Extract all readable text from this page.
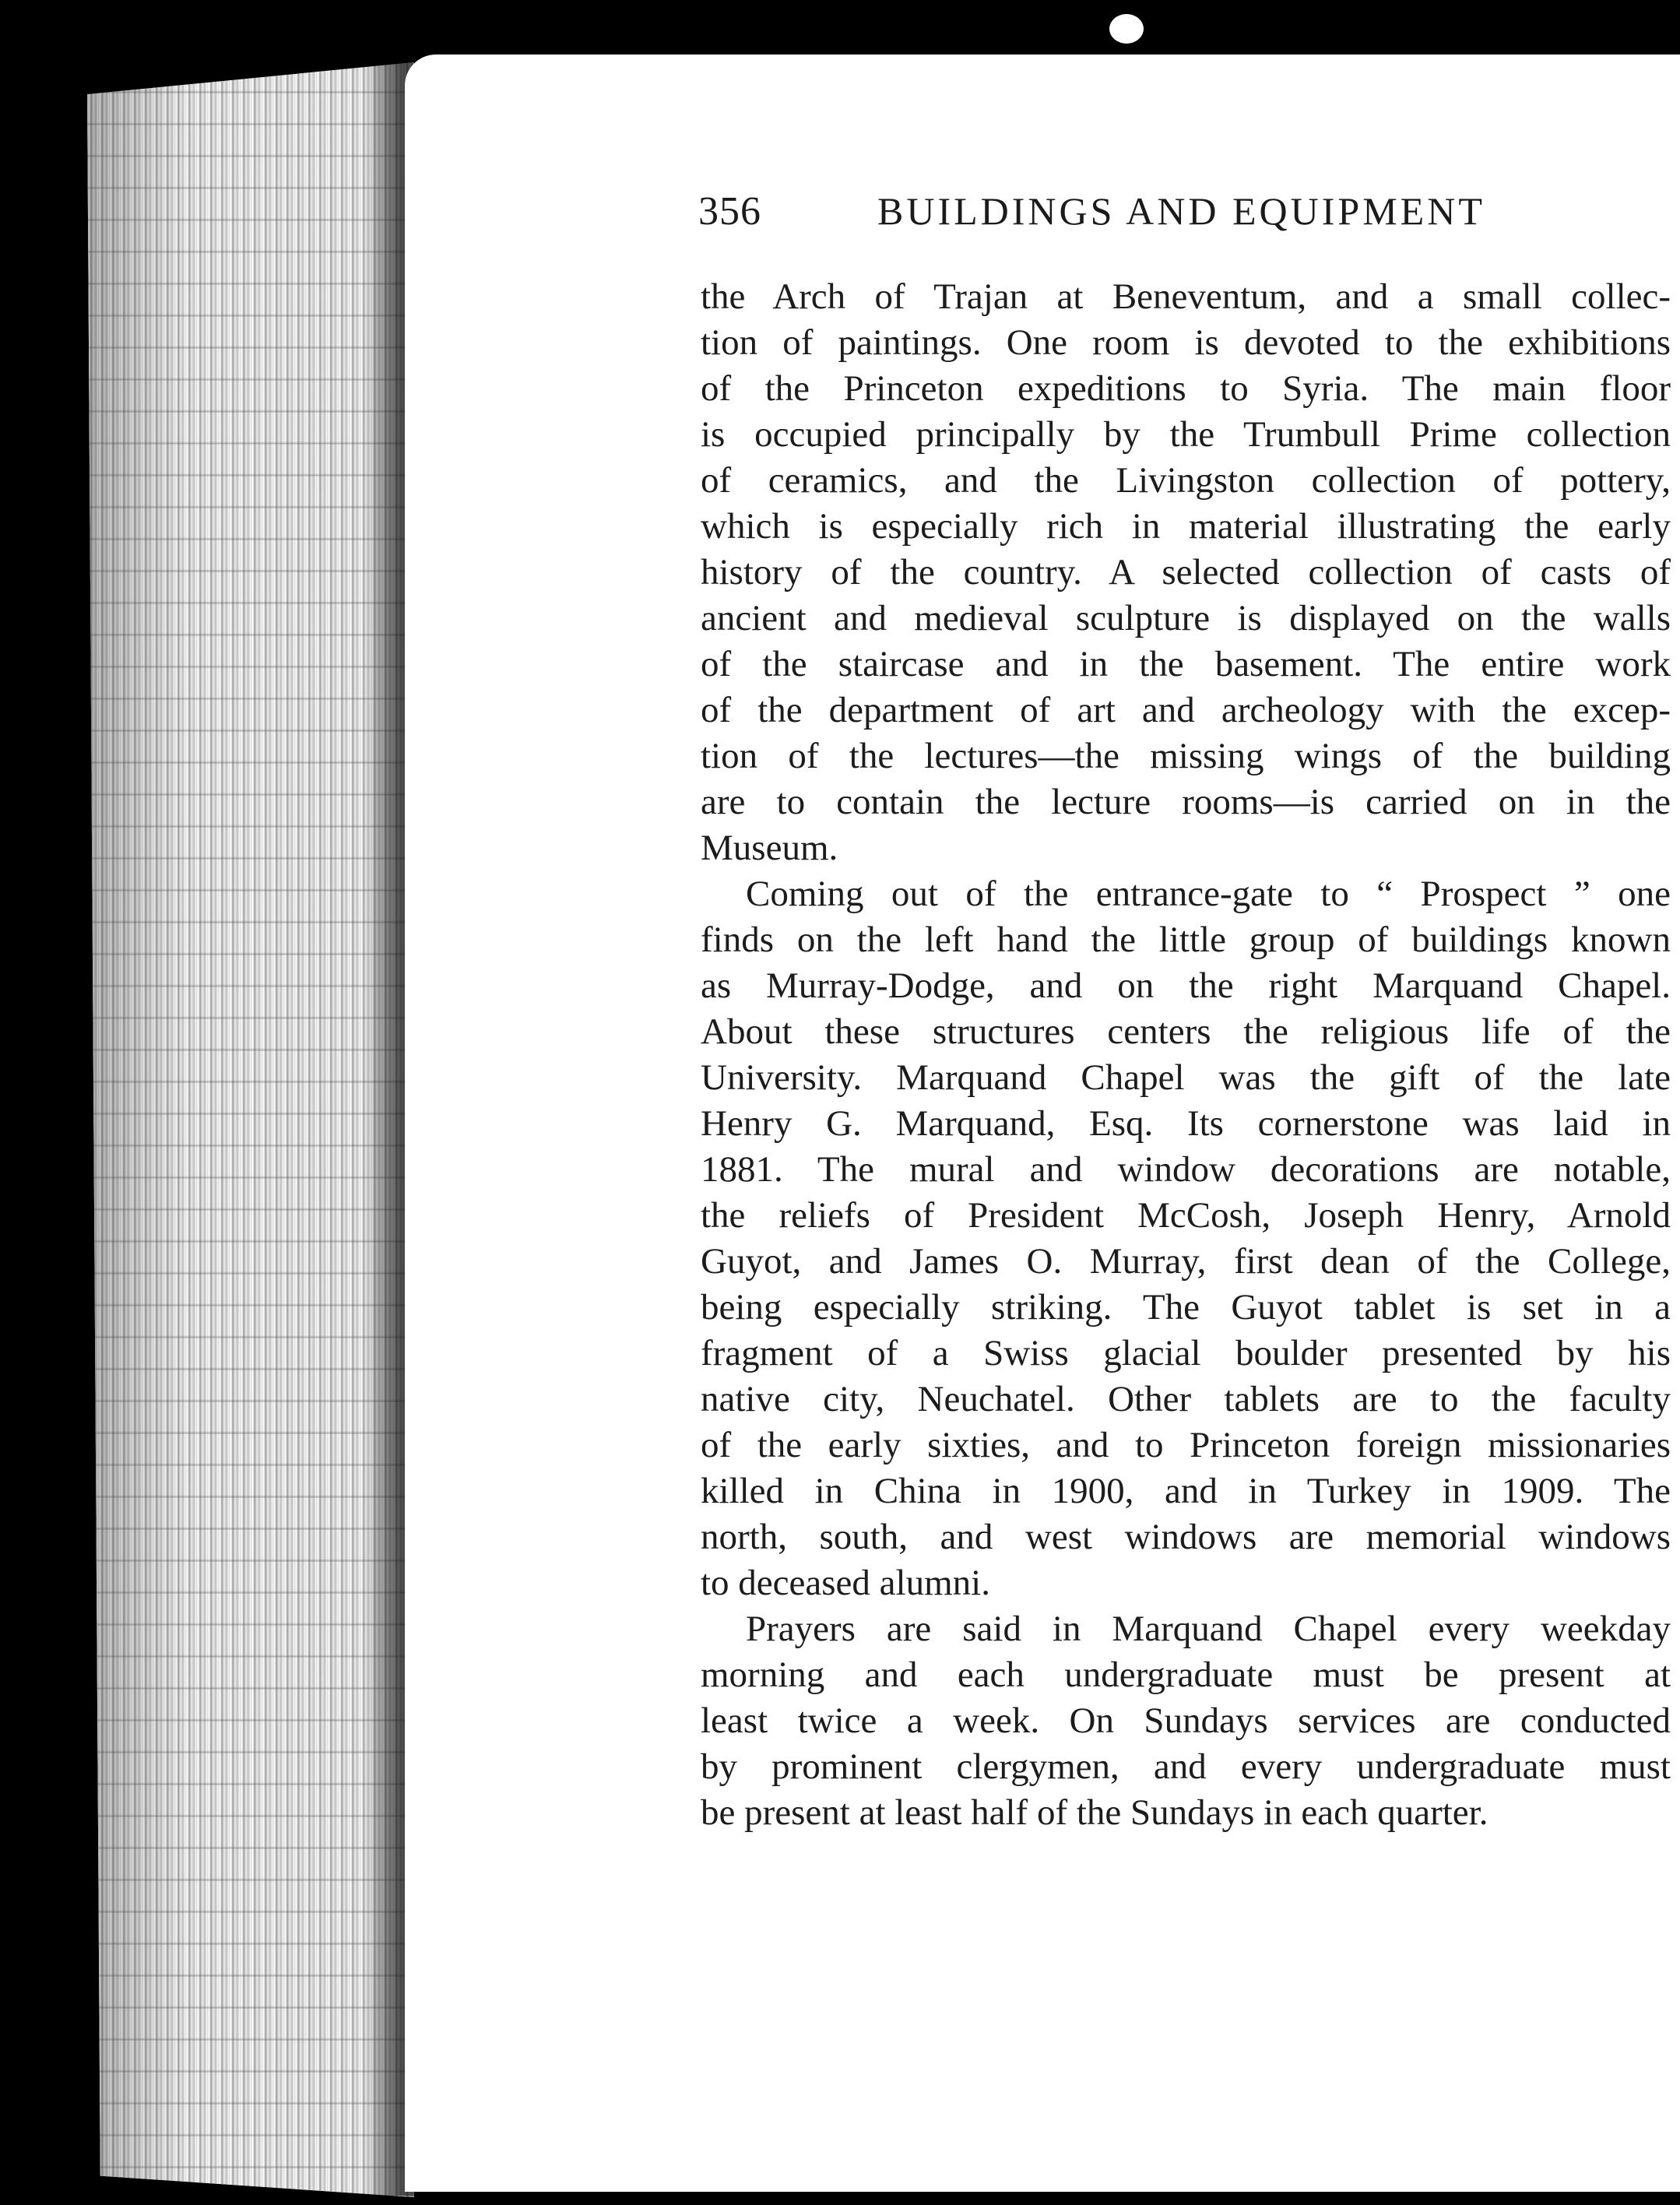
356	BUILDINGS AND EQUIPMENT
the Arch of Trajan at Beneventum, and a small collec-
tion of paintings. One room is devoted to the exhibitions
of the Princeton expeditions to Syria. The main floor
is occupied principally by the Trumbull Prime collection
of ceramics, and the Livingston collection of pottery,
which is especially rich in material illustrating the early
history of the country. A selected collection of casts of
ancient and medieval sculpture is displayed on the walls
of the staircase and in the basement. The entire work
of the department of art and archeology with the excep-
tion of the lectures—the missing wings of the building
are to contain the lecture rooms—is carried on in the
Museum.
Coming out of the entrance-gate to “ Prospect ” one
finds on the left hand the little group of buildings known
as Murray-Dodge, and on the right Marquand Chapel.
About these structures centers the religious life of the
University. Marquand Chapel was the gift of the late
Henry G. Marquand, Esq. Its cornerstone was laid in
1881. The mural and window decorations are notable,
the reliefs of President McCosh, Joseph Henry, Arnold
Guyot, and James O. Murray, first dean of the College,
being especially striking. The Guyot tablet is set in a
fragment of a Swiss glacial boulder presented by his
native city, Neuchatel. Other tablets are to the faculty
of the early sixties, and to Princeton foreign missionaries
killed in China in 1900, and in Turkey in 1909. The
north, south, and west windows are memorial windows
to deceased alumni.
Prayers are said in Marquand Chapel every weekday
morning and each undergraduate must be present at
least twice a week. On Sundays services are conducted
by prominent clergymen, and every undergraduate must
be present at least half of the Sundays in each quarter.
